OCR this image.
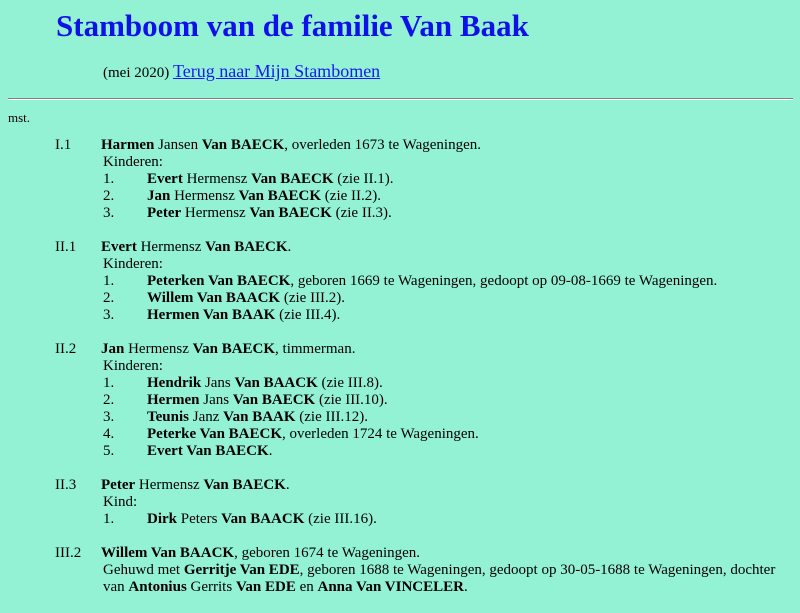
Stamboom van de familie Van Baak
(mei 2020) Terug naar Mijn Stambomen
mst.
I.1 Harmen Jansen Van BAECK, overleden 1673 te Wageningen.
Kinderen:
1. Evert Hermensz Van BAECK (zie II.1).
2. Jan Hermensz Van BAECK (zie II.2).
3. Peter Hermensz Van BAECK (zie II.3).
II.1 Evert Hermensz Van BAECK.
Kinderen:
1. Peterken Van BAECK, geboren 1669 te Wageningen, gedoopt op 09-08-1669 te Wageningen.
2. Willem Van BAACK (zie III.2).
3. Hermen Van BAAK (zie III.4).
II.2 Jan Hermensz Van BAECK, timmerman.
Kinderen:
1. Hendrik Jans Van BAACK (zie III.8).
2. Hermen Jans Van BAECK (zie III.10).
3. Teunis Janz Van BAAK (zie III.12).
4. Peterke Van BAECK, overleden 1724 te Wageningen.
5. Evert Van BAECK.
II.3 Peter Hermensz Van BAECK.
Kind:
1. Dirk Peters Van BAACK (zie III.16).
III.2 Willem Van BAACK, geboren 1674 te Wageningen.
Gehuwd met Gerritje Van EDE, geboren 1688 te Wageningen, gedoopt op 30-05-1688 te Wageningen, dochter van Antonius Gerrits Van EDE en Anna Van VINCELER.
